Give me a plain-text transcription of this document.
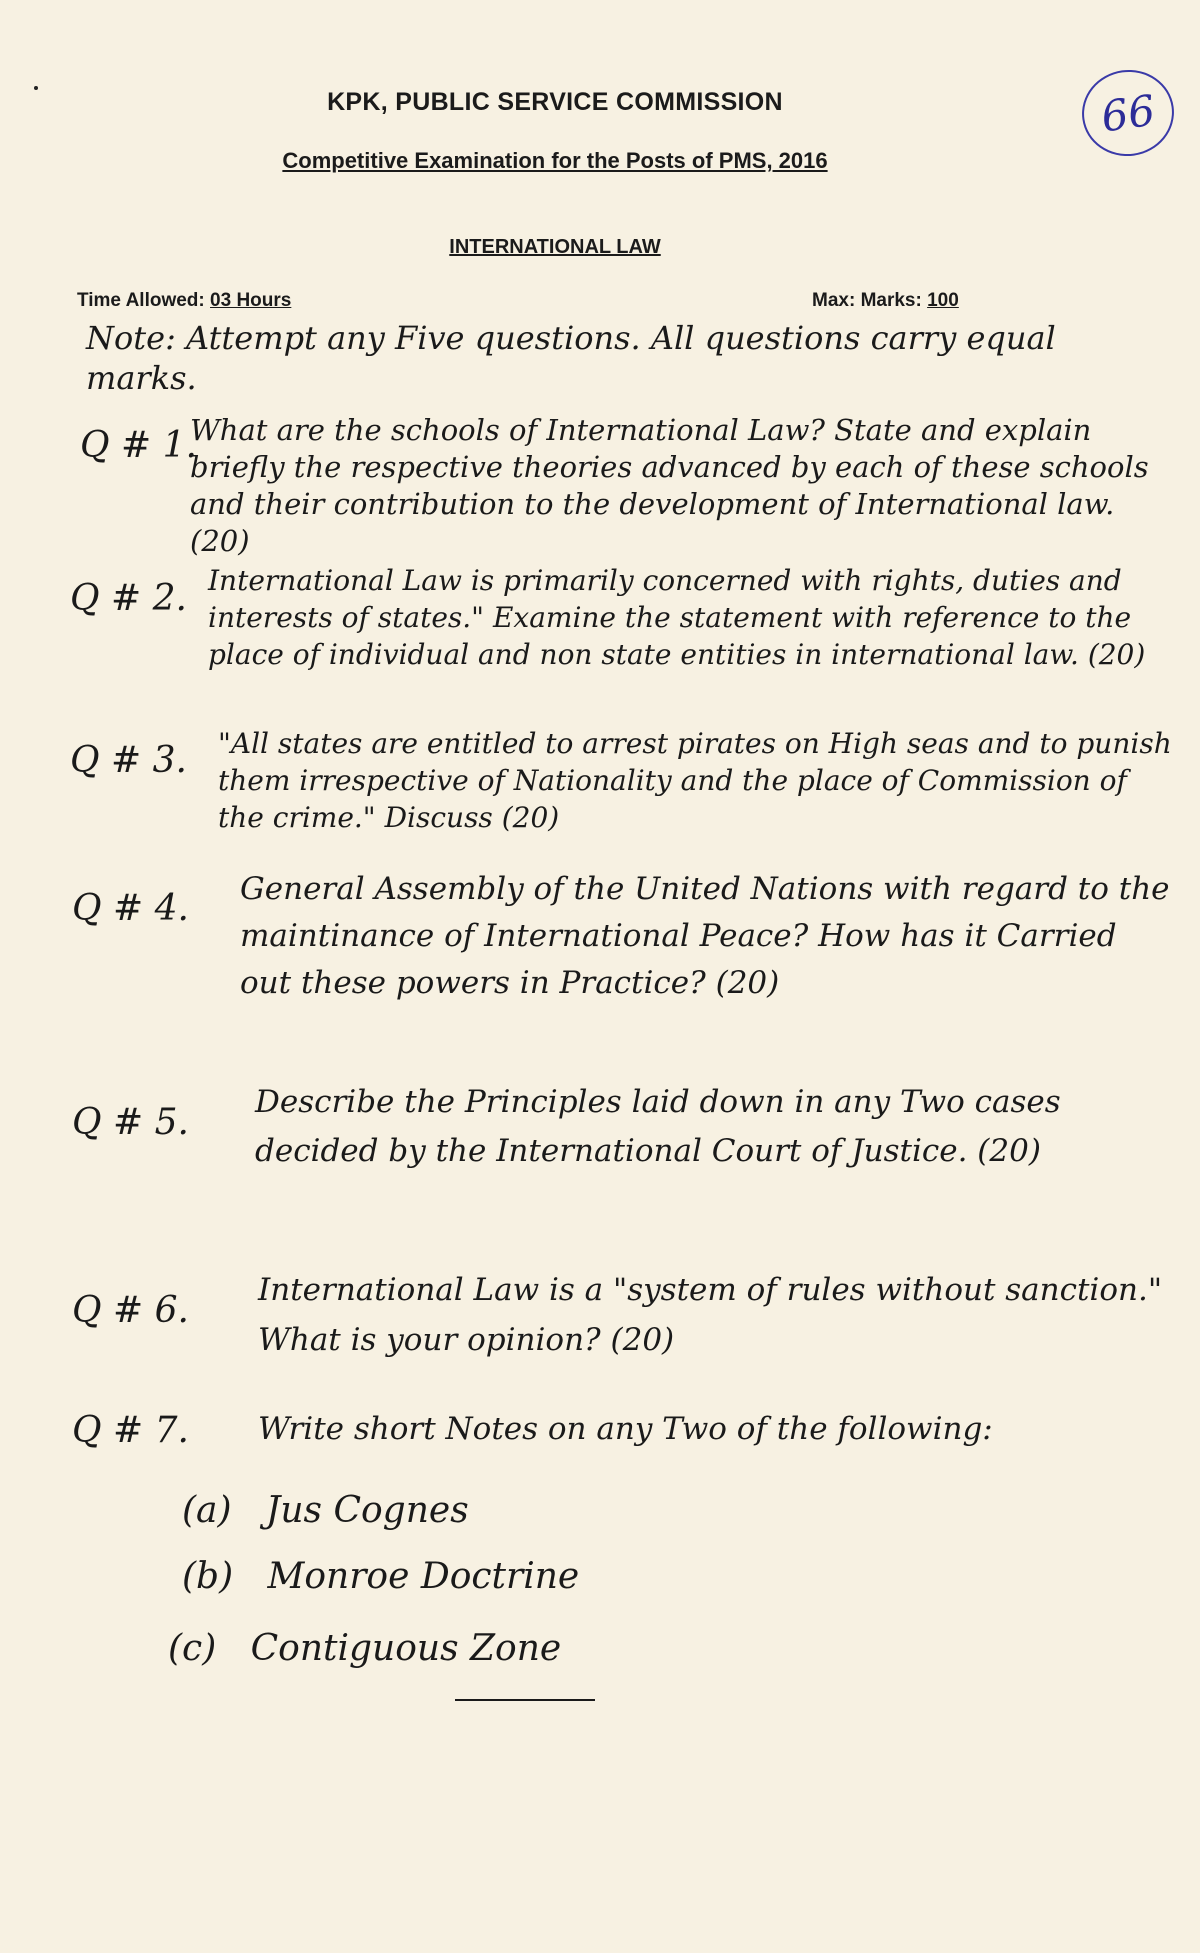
66
KPK, PUBLIC SERVICE COMMISSION
Competitive Examination for the Posts of PMS, 2016
INTERNATIONAL LAW
Time Allowed: 03 Hours	Max: Marks: 100
Note: Attempt any Five questions. All questions carry equal marks.
Q # 1.
What are the schools of International Law? State and explain briefly the respective theories advanced by each of these schools and their contribution to the development of International law. (20)
Q # 2. International Law is primarily concerned with rights, duties and interests of states." Examine the statement with reference to the place of individual and non state entities in international law. (20)
Q # 3. "All states are entitled to arrest pirates on High seas and to punish them irrespective of Nationality and the place of Commission of the crime." Discuss (20)
Q # 4. General Assembly of the United Nations with regard to the maintinance of International Peace? How has it Carried out these powers in Practice? (20)
Q # 5. Describe the Principles laid down in any Two cases decided by the International Court of Justice. (20)
Q # 6. International Law is a "system of rules without sanction." What is your opinion? (20)
Q # 7. Write short Notes on any Two of the following:
(a) Jus Cognes
(b) Monroe Doctrine
(c) Contiguous Zone
